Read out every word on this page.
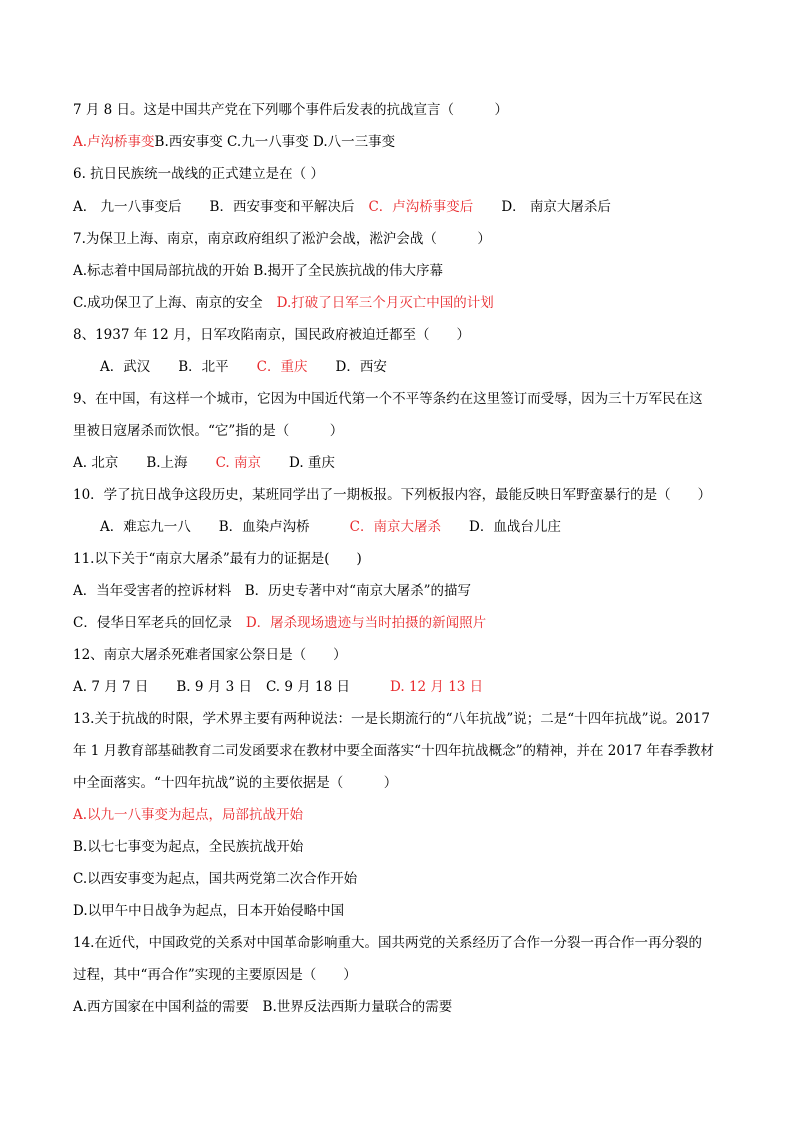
7 月 8 日。这是中国共产党在下列哪个事件后发表的抗战宣言（　　　）
A.卢沟桥事变B.西安事变 C.九一八事变 D.八一三事变
6. 抗日民族统一战线的正式建立是在（ ）
A． 九一八事变后 B．西安事变和平解决后 C．卢沟桥事变后 D． 南京大屠杀后
7.为保卫上海、南京，南京政府组织了淞沪会战，淞沪会战（　　　）
A.标志着中国局部抗战的开始 B.揭开了全民族抗战的伟大序幕
C.成功保卫了上海、南京的安全 D.打破了日军三个月灭亡中国的计划
8、1937 年 12 月，日军攻陷南京，国民政府被迫迁都至（　　）
A．武汉 B．北平 C．重庆 D．西安
9、在中国，有这样一个城市，它因为中国近代第一个不平等条约在这里签订而受辱，因为三十万军民在这
里被日寇屠杀而饮恨。“它”指的是（　　　）
A. 北京 B.上海 C. 南京 D. 重庆
10．学了抗日战争这段历史，某班同学出了一期板报。下列板报内容，最能反映日军野蛮暴行的是（　　）
A．难忘九一八 B．血染卢沟桥	C．南京大屠杀 D．血战台儿庄
11.以下关于“南京大屠杀”最有力的证据是(　　)
A．当年受害者的控诉材料　B．历史专著中对“南京大屠杀”的描写
C．侵华日军老兵的回忆录 D．屠杀现场遗迹与当时拍摄的新闻照片
12、南京大屠杀死难者国家公祭日是（　　）
A. 7 月 7 日 B. 9 月 3 日 C. 9 月 18 日	D. 12 月 13 日
13.关于抗战的时限，学术界主要有两种说法：一是长期流行的“八年抗战”说；二是“十四年抗战”说。2017
年 1 月教育部基础教育二司发函要求在教材中要全面落实“十四年抗战概念”的精神，并在 2017 年春季教材
中全面落实。“十四年抗战”说的主要依据是（　　　）
A.以九一八事变为起点，局部抗战开始
B.以七七事变为起点，全民族抗战开始
C.以西安事变为起点，国共两党第二次合作开始
D.以甲午中日战争为起点，日本开始侵略中国
14.在近代，中国政党的关系对中国革命影响重大。国共两党的关系经历了合作一分裂一再合作一再分裂的
过程，其中“再合作”实现的主要原因是（　　）
A.西方国家在中国利益的需要　B.世界反法西斯力量联合的需要
